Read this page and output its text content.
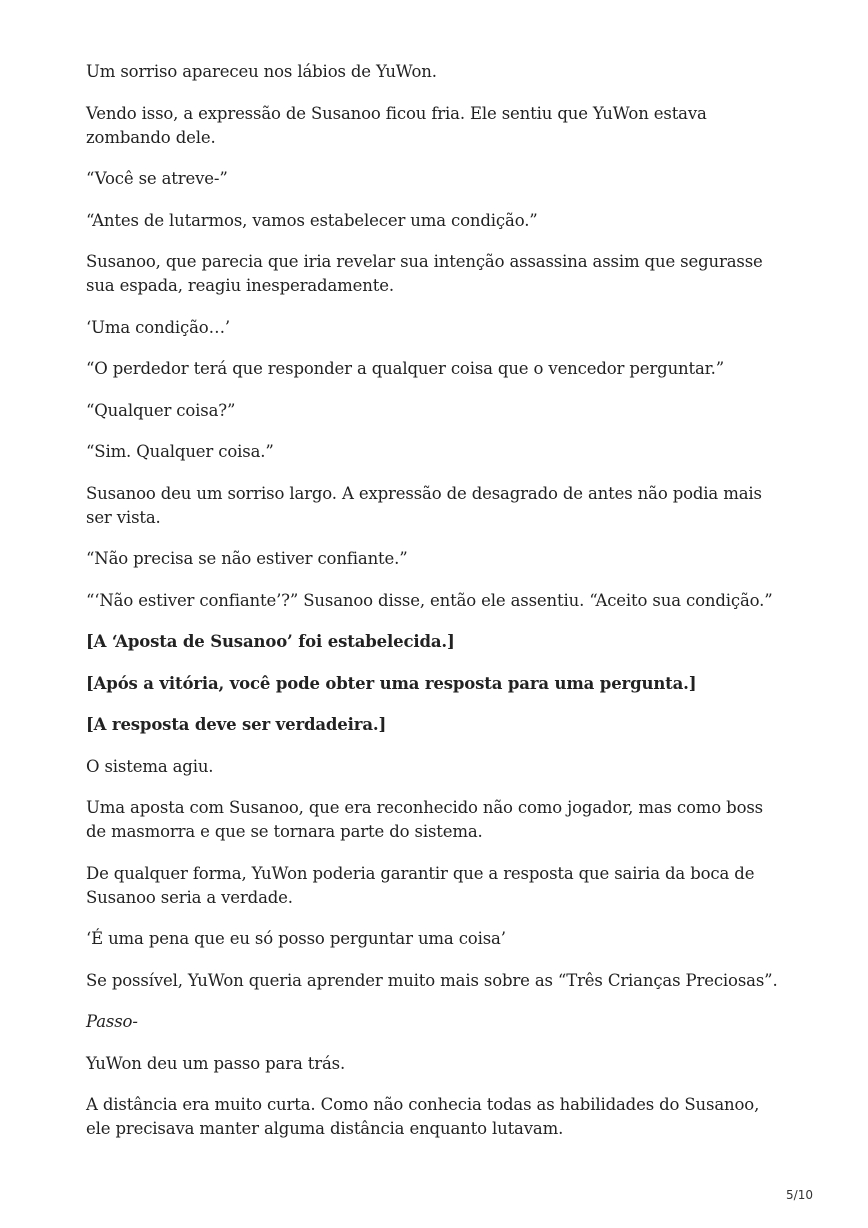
Um sorriso apareceu nos lábios de YuWon.

Vendo isso, a expressão de Susanoo ficou fria. Ele sentiu que YuWon estava zombando dele.

“Você se atreve-”

“Antes de lutarmos, vamos estabelecer uma condição.”

Susanoo, que parecia que iria revelar sua intenção assassina assim que segurasse sua espada, reagiu inesperadamente.

‘Uma condição…’

“O perdedor terá que responder a qualquer coisa que o vencedor perguntar.”

“Qualquer coisa?”

“Sim. Qualquer coisa.”

Susanoo deu um sorriso largo. A expressão de desagrado de antes não podia mais ser vista.

“Não precisa se não estiver confiante.”

“‘Não estiver confiante’?” Susanoo disse, então ele assentiu. “Aceito sua condição.”

[A ‘Aposta de Susanoo’ foi estabelecida.]

[Após a vitória, você pode obter uma resposta para uma pergunta.]

[A resposta deve ser verdadeira.]

O sistema agiu.

Uma aposta com Susanoo, que era reconhecido não como jogador, mas como boss de masmorra e que se tornara parte do sistema.

De qualquer forma, YuWon poderia garantir que a resposta que sairia da boca de Susanoo seria a verdade.

‘É uma pena que eu só posso perguntar uma coisa’

Se possível, YuWon queria aprender muito mais sobre as “Três Crianças Preciosas”.

Passo-

YuWon deu um passo para trás.

A distância era muito curta. Como não conhecia todas as habilidades do Susanoo, ele precisava manter alguma distância enquanto lutavam.

5/10
